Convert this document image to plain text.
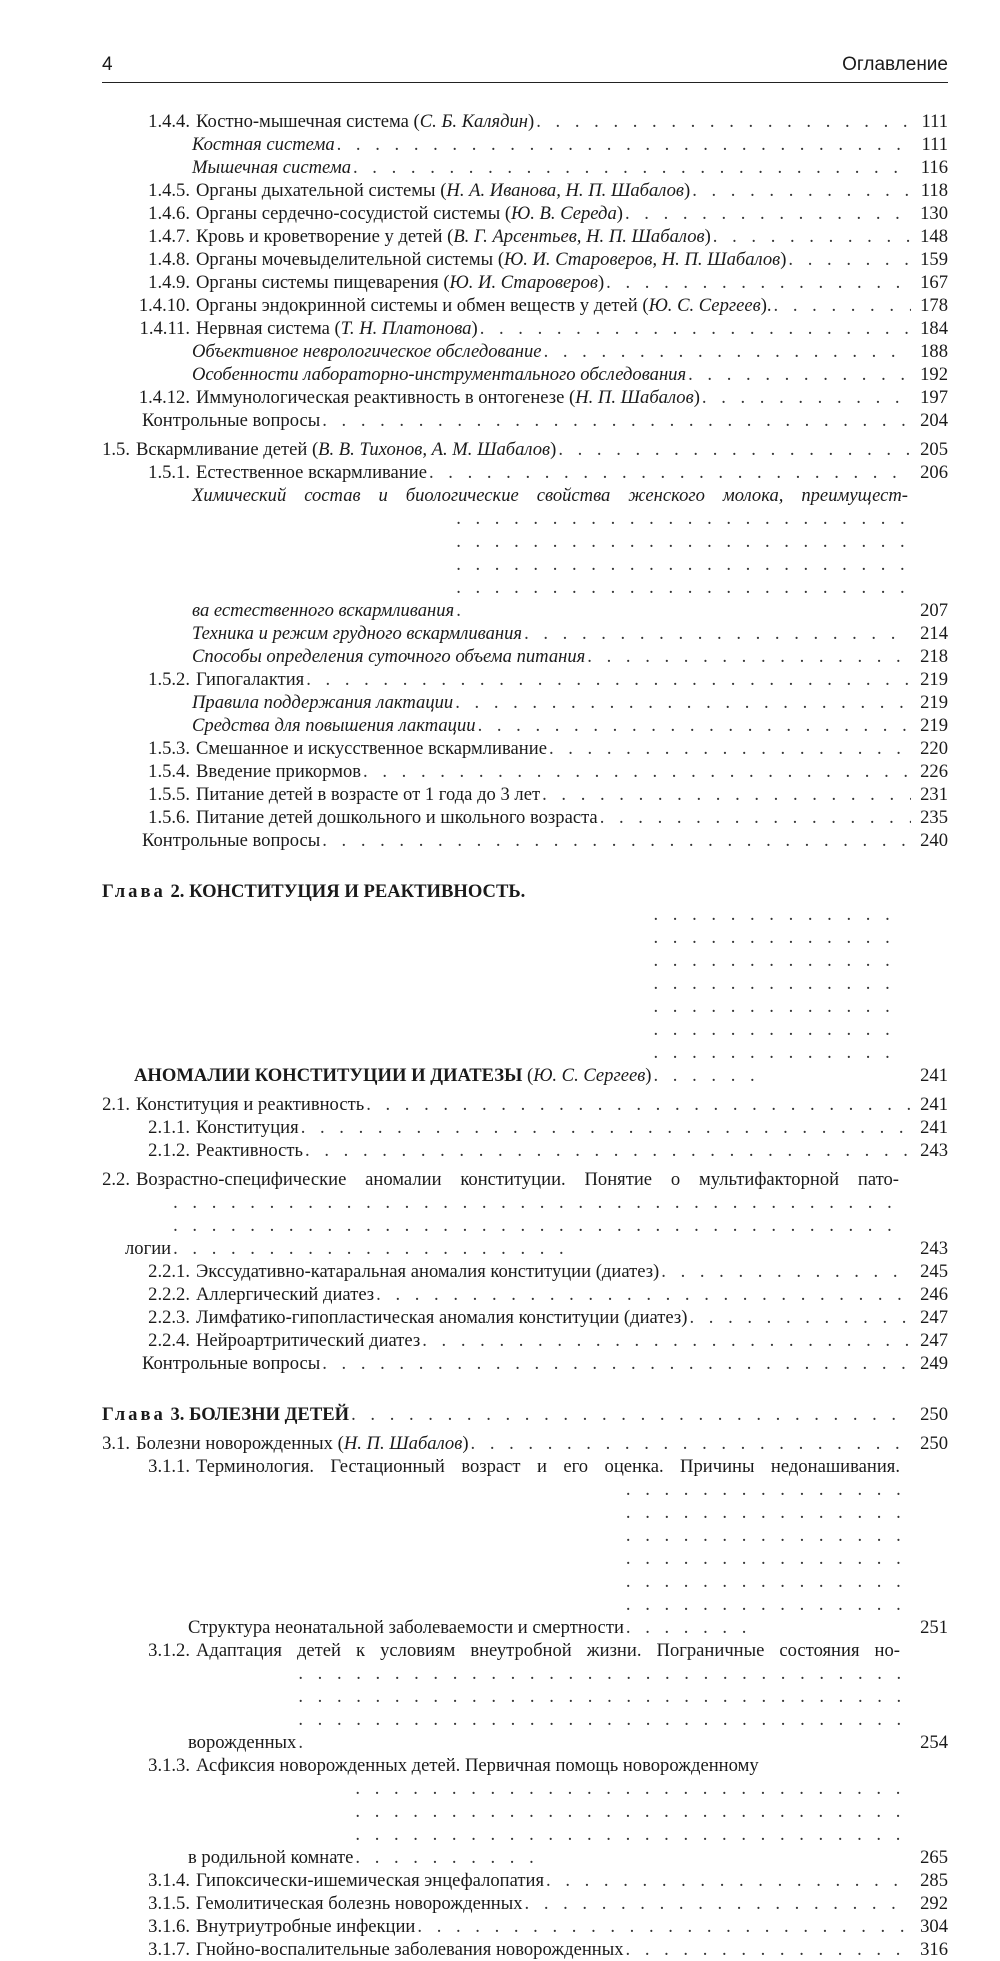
4	Оглавление
1.4.4. Костно-мышечная система (С. Б. Калядин) . . .	111
Костная система . . .	111
Мышечная система . . .	116
1.4.5. Органы дыхательной системы (Н. А. Иванова, Н. П. Шабалов) . . .	118
1.4.6. Органы сердечно-сосудистой системы (Ю. В. Середа) . . .	130
1.4.7. Кровь и кроветворение у детей (В. Г. Арсентьев, Н. П. Шабалов) . . .	148
1.4.8. Органы мочевыделительной системы (Ю. И. Староверов, Н. П. Шабалов) . . .	159
1.4.9. Органы системы пищеварения (Ю. И. Староверов) . . .	167
1.4.10. Органы эндокринной системы и обмен веществ у детей (Ю. С. Сергеев). . . .	178
1.4.11. Нервная система (Т. Н. Платонова) . . .	184
Объективное неврологическое обследование . . .	188
Особенности лабораторно-инструментального обследования . . .	192
1.4.12. Иммунологическая реактивность в онтогенезе (Н. П. Шабалов) . . .	197
Контрольные вопросы . . .	204
1.5. Вскармливание детей (В. В. Тихонов, А. М. Шабалов) . . .	205
1.5.1. Естественное вскармливание . . .	206
Химический состав и биологические свойства женского молока, преимущест-
ва естественного вскармливания . . .	207
Техника и режим грудного вскармливания . . .	214
Способы определения суточного объема питания . . .	218
1.5.2. Гипогалактия . . .	219
Правила поддержания лактации . . .	219
Средства для повышения лактации . . .	219
1.5.3. Смешанное и искусственное вскармливание . . .	220
1.5.4. Введение прикормов . . .	226
1.5.5. Питание детей в возрасте от 1 года до 3 лет . . .	231
1.5.6. Питание детей дошкольного и школьного возраста . . .	235
Контрольные вопросы . . .	240
Глава 2. КОНСТИТУЦИЯ И РЕАКТИВНОСТЬ.
АНОМАЛИИ КОНСТИТУЦИИ И ДИАТЕЗЫ ( Ю. С. Сергеев ) . . .	241
2.1. Конституция и реактивность . . .	241
2.1.1. Конституция . . .	241
2.1.2. Реактивность . . .	243
2.2. Возрастно-специфические аномалии конституции. Понятие о мультифакторной пато-
логии . . .	243
2.2.1. Экссудативно-катаральная аномалия конституции (диатез) . . .	245
2.2.2. Аллергический диатез . . .	246
2.2.3. Лимфатико-гипопластическая аномалия конституции (диатез) . . .	247
2.2.4. Нейроартритический диатез . . .	247
Контрольные вопросы . . .	249
Глава 3. БОЛЕЗНИ ДЕТЕЙ . . .	250
3.1. Болезни новорожденных (Н. П. Шабалов) . . .	250
3.1.1. Терминология. Гестационный возраст и его оценка. Причины недонашивания.
Структура неонатальной заболеваемости и смертности . . .	251
3.1.2. Адаптация детей к условиям внеутробной жизни. Пограничные состояния но-
ворожденных . . .	254
3.1.3. Асфиксия новорожденных детей. Первичная помощь новорожденному
в родильной комнате . . .	265
3.1.4. Гипоксически-ишемическая энцефалопатия . . .	285
3.1.5. Гемолитическая болезнь новорожденных . . .	292
3.1.6. Внутриутробные инфекции . . .	304
3.1.7. Гнойно-воспалительные заболевания новорожденных . . .	316
